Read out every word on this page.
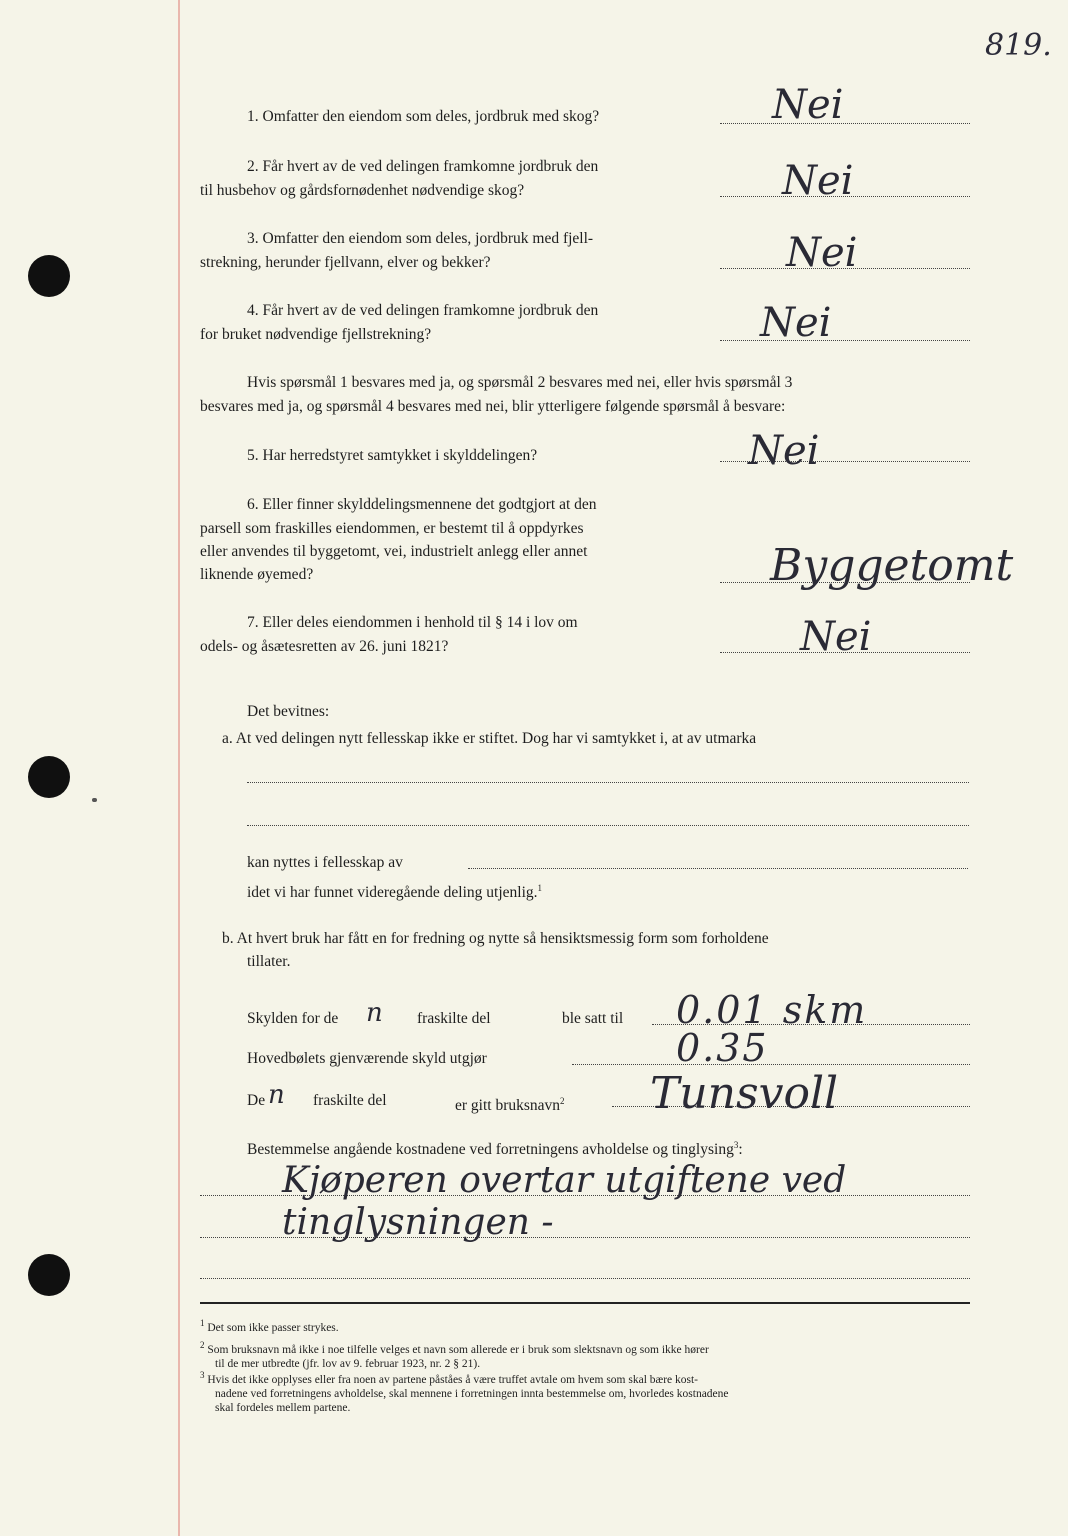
819.
1. Omfatter den eiendom som deles, jordbruk med skog?	Nei
2. Får hvert av de ved delingen framkomne jordbruk den
til husbehov og gårdsfornødenhet nødvendige skog?	Nei
3. Omfatter den eiendom som deles, jordbruk med fjell-
strekning, herunder fjellvann, elver og bekker?	Nei
4. Får hvert av de ved delingen framkomne jordbruk den
for bruket nødvendige fjellstrekning?	Nei
Hvis spørsmål 1 besvares med ja, og spørsmål 2 besvares med nei, eller hvis spørsmål 3
besvares med ja, og spørsmål 4 besvares med nei, blir ytterligere følgende spørsmål å besvare:
5. Har herredstyret samtykket i skylddelingen?	Nei
6. Eller finner skylddelingsmennene det godtgjort at den
parsell som fraskilles eiendommen, er bestemt til å oppdyrkes
eller anvendes til byggetomt, vei, industrielt anlegg eller annet
liknende øyemed?	Byggetomt
7. Eller deles eiendommen i henhold til § 14 i lov om
odels- og åsætesretten av 26. juni 1821?	Nei
Det bevitnes:
a. At ved delingen nytt fellesskap ikke er stiftet. Dog har vi samtykket i, at av utmarka
kan nyttes i fellesskap av
idet vi har funnet videregående deling utjenlig.$^1$
b. At hvert bruk har fått en for fredning og nytte så hensiktsmessig form som forholdene
tillater.
Skylden for de n fraskilte del	ble satt til 0.01 skm
Hovedbølets gjenværende skyld utgjør	0.35
De n fraskilte del	er gitt bruksnavn$^2$ Tunsvoll
Bestemmelse angående kostnadene ved forretningens avholdelse og tinglysing$^3$:
Kjøperen overtar utgiftene ved
tinglysningen -
$^1$ Det som ikke passer strykes.
$^2$ Som bruksnavn må ikke i noe tilfelle velges et navn som allerede er i bruk som slektsnavn og som ikke hører
til de mer utbredte (jfr. lov av 9. februar 1923, nr. 2 § 21).
$^3$ Hvis det ikke opplyses eller fra noen av partene påståes å være truffet avtale om hvem som skal bære kost-
nadene ved forretningens avholdelse, skal mennene i forretningen innta bestemmelse om, hvorledes kostnadene
skal fordeles mellem partene.
